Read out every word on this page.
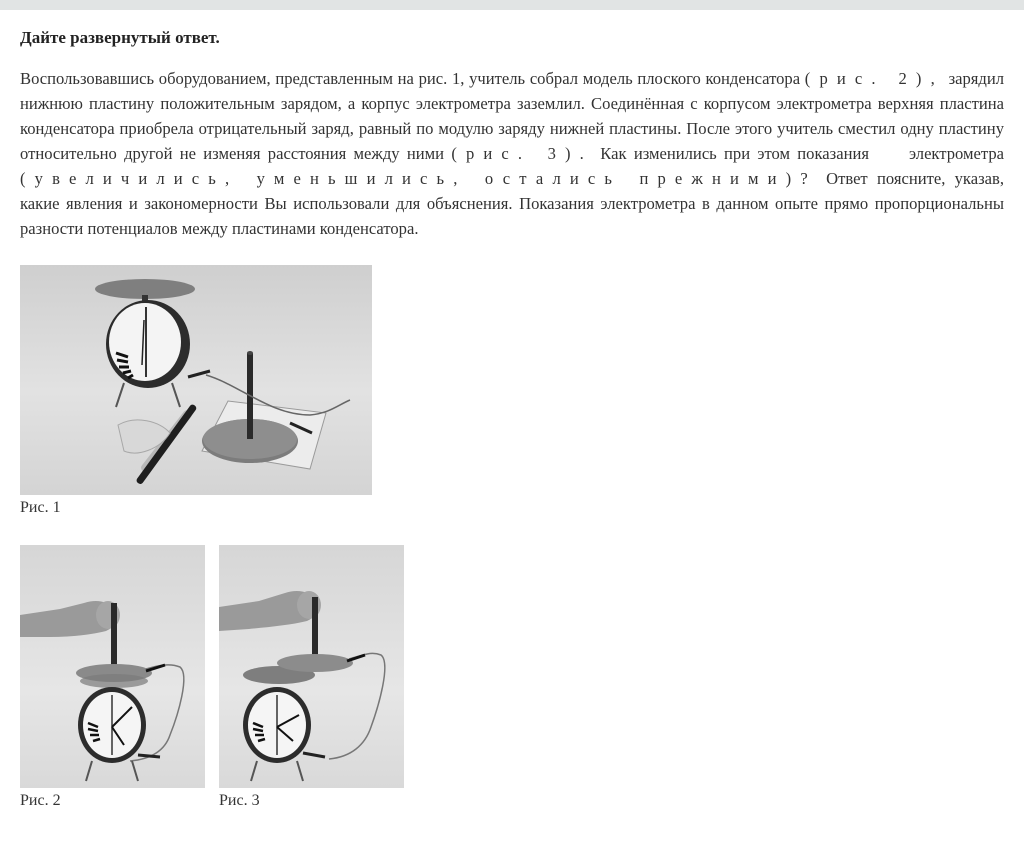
Дайте развернутый ответ.

Воспользовавшись оборудованием, представленным на рис. 1, учитель собрал модель плоского конденсатора (рис. 2), зарядил нижнюю пластину положительным зарядом, а корпус электрометра заземлил. Соединённая с корпусом электрометра верхняя пластина конденсатора приобрела отрицательный заряд, равный по модулю заряду нижней пластины. После этого учитель сместил одну пластину относительно другой не изменяя расстояния между ними (рис. 3). Как изменились при этом показания электрометра (увеличились, уменьшились, остались прежними)? Ответ поясните, указав, какие явления и закономерности Вы использовали для объяснения. Показания электрометра в данном опыте прямо пропорциональны разности потенциалов между пластинами конденсатора.

Рис. 1
Рис. 2	Рис. 3
